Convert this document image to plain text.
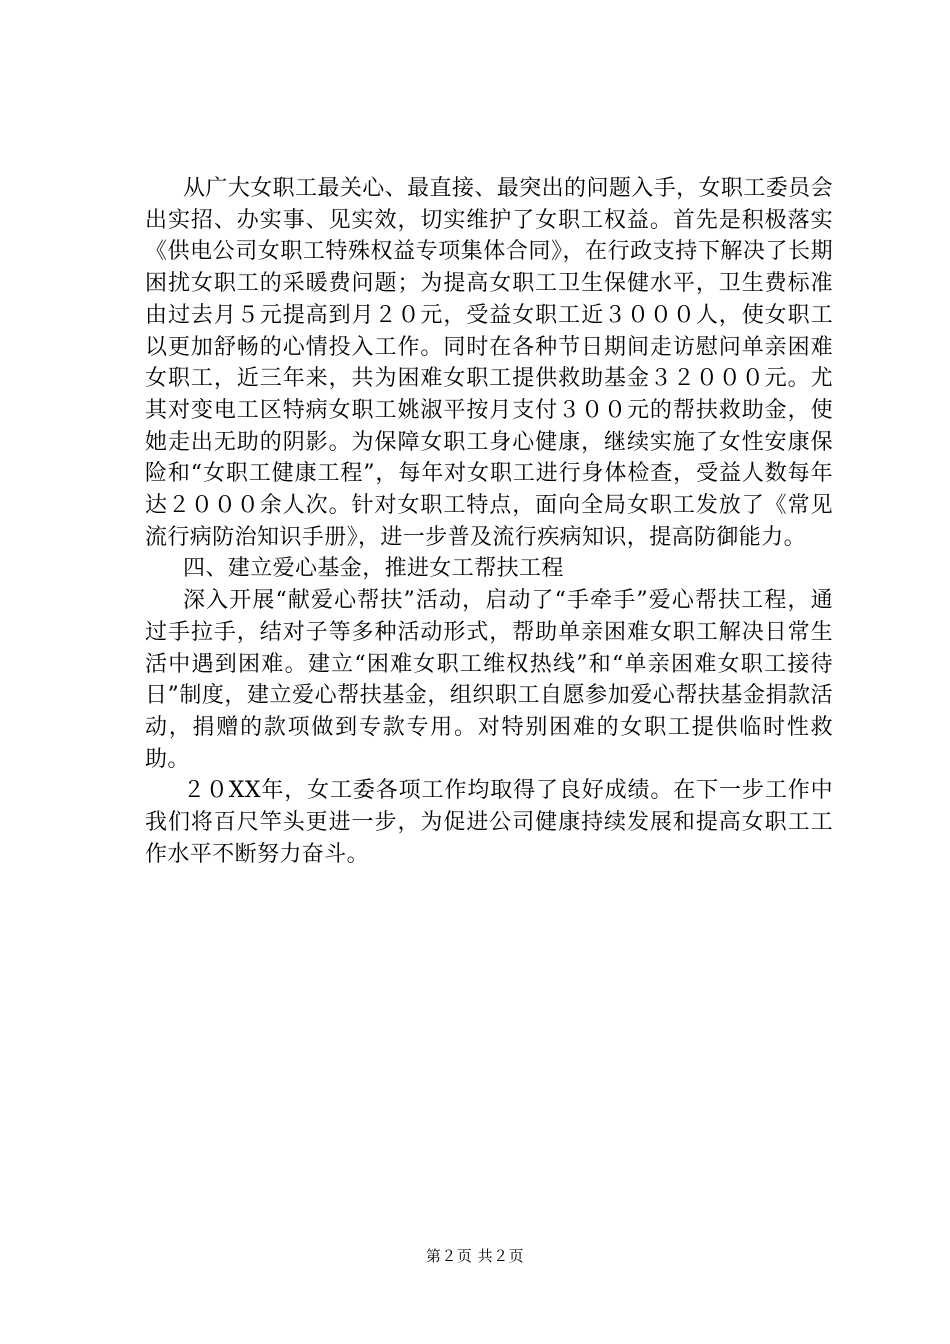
从广大女职工最关心、最直接、最突出的问题入手，女职工委员会出实招、办实事、见实效，切实维护了女职工权益。首先是积极落实《供电公司女职工特殊权益专项集体合同》，在行政支持下解决了长期困扰女职工的采暖费问题；为提高女职工卫生保健水平，卫生费标准由过去月５元提高到月２０元，受益女职工近３０００人，使女职工以更加舒畅的心情投入工作。同时在各种节日期间走访慰问单亲困难女职工，近三年来，共为困难女职工提供救助基金３２０００元。尤其对变电工区特病女职工姚淑平按月支付３００元的帮扶救助金，使她走出无助的阴影。为保障女职工身心健康，继续实施了女性安康保险和“女职工健康工程”，每年对女职工进行身体检查，受益人数每年达２０００余人次。针对女职工特点，面向全局女职工发放了《常见流行病防治知识手册》，进一步普及流行疾病知识，提高防御能力。

四、建立爱心基金，推进女工帮扶工程

深入开展“献爱心帮扶”活动，启动了“手牵手”爱心帮扶工程，通过手拉手，结对子等多种活动形式，帮助单亲困难女职工解决日常生活中遇到困难。建立“困难女职工维权热线”和“单亲困难女职工接待日”制度，建立爱心帮扶基金，组织职工自愿参加爱心帮扶基金捐款活动，捐赠的款项做到专款专用。对特别困难的女职工提供临时性救助。

２０XX年，女工委各项工作均取得了良好成绩。在下一步工作中我们将百尺竿头更进一步，为促进公司健康持续发展和提高女职工工作水平不断努力奋斗。

第２页 共２页
